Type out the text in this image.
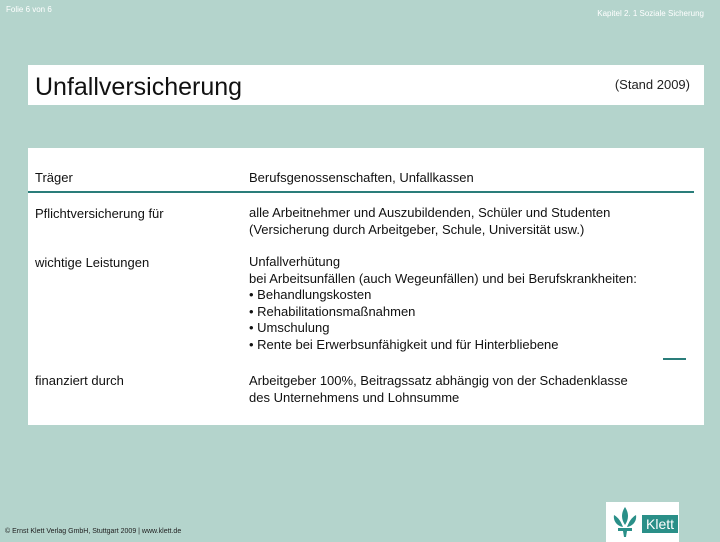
Folie 6 von 6	Kapitel 2. 1 Soziale Sicherung
Unfallversicherung	(Stand 2009)
Träger	Berufsgenossenschaften, Unfallkassen
Pflichtversicherung für	alle Arbeitnehmer und Auszubildenden, Schüler und Studenten
(Versicherung durch Arbeitgeber, Schule, Universität usw.)
wichtige Leistungen	Unfallverhütung
bei Arbeitsunfällen (auch Wegeunfällen) und bei Berufskrankheiten:
• Behandlungskosten
• Rehabilitationsmaßnahmen
• Umschulung
• Rente bei Erwerbsunfähigkeit und für Hinterbliebene
finanziert durch	Arbeitgeber 100%, Beitragssatz abhängig von der Schadenklasse
des Unternehmens und Lohnsumme
© Ernst Klett Verlag GmbH, Stuttgart 2009 | www.klett.de	Klett
